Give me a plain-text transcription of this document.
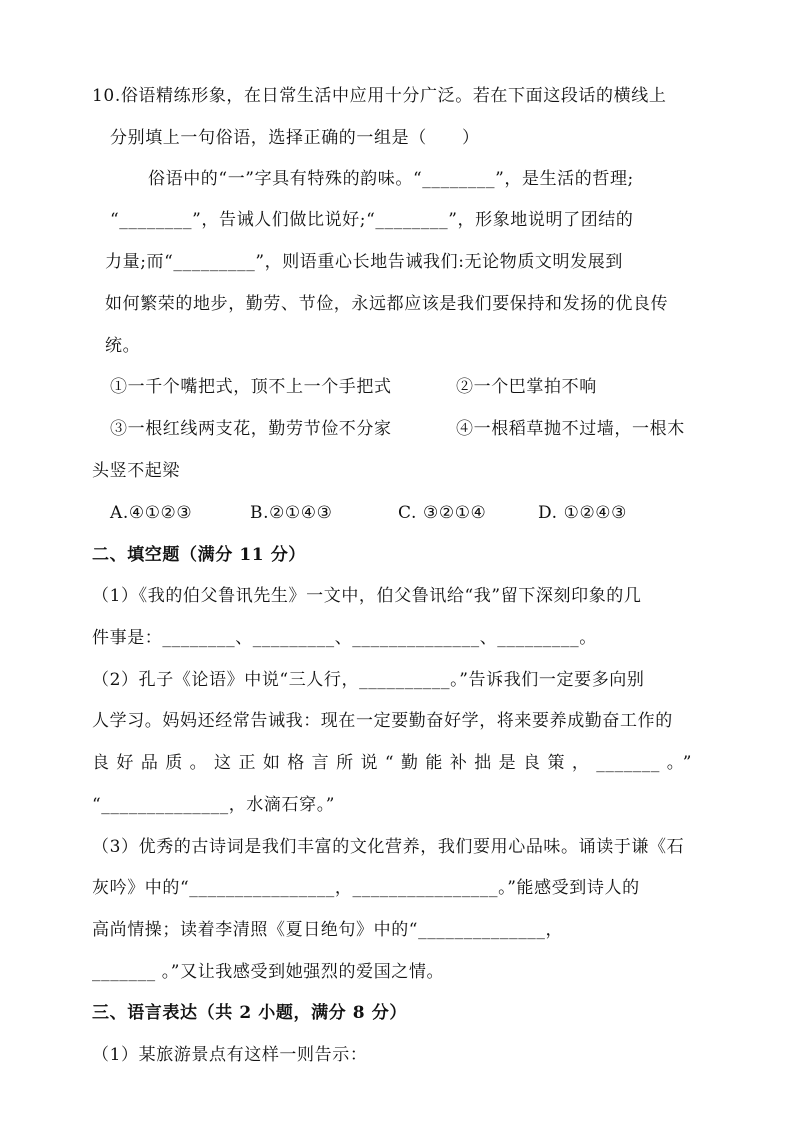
10.俗语精练形象，在日常生活中应用十分广泛。若在下面这段话的横线上
分别填上一句俗语，选择正确的一组是（　　）
俗语中的“一”字具有特殊的韵味。“________”，是生活的哲理;
“________”，告诫人们做比说好;“________”，形象地说明了团结的
力量;而“_________”，则语重心长地告诫我们:无论物质文明发展到
如何繁荣的地步，勤劳、节俭，永远都应该是我们要保持和发扬的优良传
统。
①一千个嘴把式，顶不上一个手把式	②一个巴掌拍不响
③一根红线两支花，勤劳节俭不分家	④一根稻草抛不过墙，一根木
头竖不起梁
A.④①②③	B.②①④③	C. ③②①④	D. ①②④③
二、填空题（满分 11 分）
（1）《我的伯父鲁讯先生》一文中，伯父鲁讯给“我”留下深刻印象的几
件事是：________、_________、______________、_________。
（2）孔子《论语》中说“三人行，__________。”告诉我们一定要多向别
人学习。妈妈还经常告诫我：现在一定要勤奋好学，将来要养成勤奋工作的
良好品质。这正如格言所说“勤能补拙是良策，_______。”
“______________，水滴石穿。”
（3）优秀的古诗词是我们丰富的文化营养，我们要用心品味。诵读于谦《石
灰吟》中的“________________，________________。”能感受到诗人的
高尚情操；读着李清照《夏日绝句》中的“______________，
_______ 。”又让我感受到她强烈的爱国之情。
三、语言表达（共 2 小题，满分 8 分）
（1）某旅游景点有这样一则告示：
